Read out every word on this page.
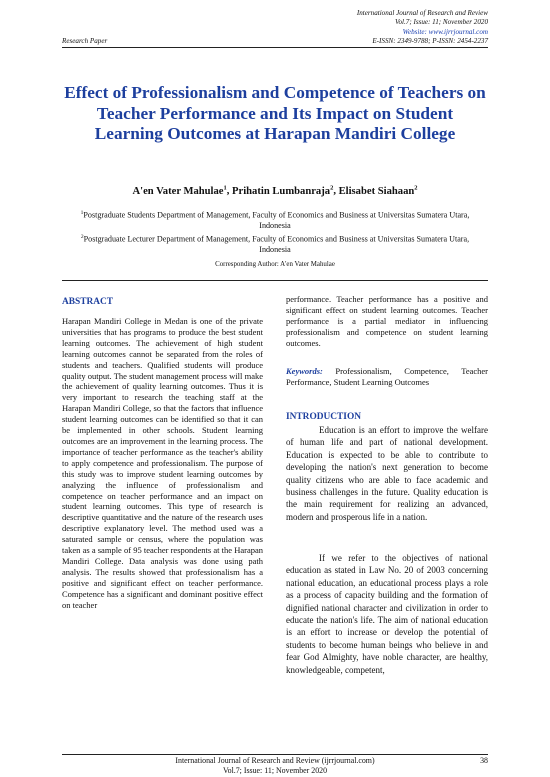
International Journal of Research and Review
Vol.7; Issue: 11; November 2020
Website: www.ijrrjournal.com
Research Paper	E-ISSN: 2349-9788; P-ISSN: 2454-2237
Effect of Professionalism and Competence of Teachers on Teacher Performance and Its Impact on Student Learning Outcomes at Harapan Mandiri College
A'en Vater Mahulae$^1$, Prihatin Lumbanraja$^2$, Elisabet Siahaan$^2$
$^1$Postgraduate Students Department of Management, Faculty of Economics and Business at Universitas Sumatera Utara, Indonesia
$^2$Postgraduate Lecturer Department of Management, Faculty of Economics and Business at Universitas Sumatera Utara, Indonesia
Corresponding Author: A'en Vater Mahulae
ABSTRACT
Harapan Mandiri College in Medan is one of the private universities that has programs to produce the best student learning outcomes. The achievement of high student learning outcomes cannot be separated from the roles of students and teachers. Qualified students will produce quality output. The student management process will make the achievement of quality learning outcomes. Thus it is very important to research the teaching staff at the Harapan Mandiri College, so that the factors that influence student learning outcomes can be identified so that it can be implemented in other schools. Student learning outcomes are an improvement in the learning process. The importance of teacher performance as the teacher's ability to apply competence and professionalism. The purpose of this study was to improve student learning outcomes by analyzing the influence of professionalism and competence on teacher performance and an impact on student learning outcomes. This type of research is descriptive quantitative and the nature of the research uses descriptive explanatory level. The method used was a saturated sample or census, where the population was taken as a sample of 95 teacher respondents at the Harapan Mandiri College. Data analysis was done using path analysis. The results showed that professionalism has a positive and significant effect on teacher performance. Competence has a significant and dominant positive effect on teacher
performance. Teacher performance has a positive and significant effect on student learning outcomes. Teacher performance is a partial mediator in influencing professionalism and competence on student learning outcomes.
Keywords: Professionalism, Competence, Teacher Performance, Student Learning Outcomes
INTRODUCTION
Education is an effort to improve the welfare of human life and part of national development. Education is expected to be able to contribute to developing the nation's next generation to become quality citizens who are able to face academic and business challenges in the future. Quality education is the main requirement for realizing an advanced, modern and prosperous life in a nation.
If we refer to the objectives of national education as stated in Law No. 20 of 2003 concerning national education, an educational process plays a role as a process of capacity building and the formation of dignified national character and civilization in order to educate the nation's life. The aim of national education is an effort to increase or develop the potential of students to become human beings who believe in and fear God Almighty, have noble character, are healthy, knowledgeable, competent,
International Journal of Research and Review (ijrrjournal.com)
Vol.7; Issue: 11; November 2020
38
